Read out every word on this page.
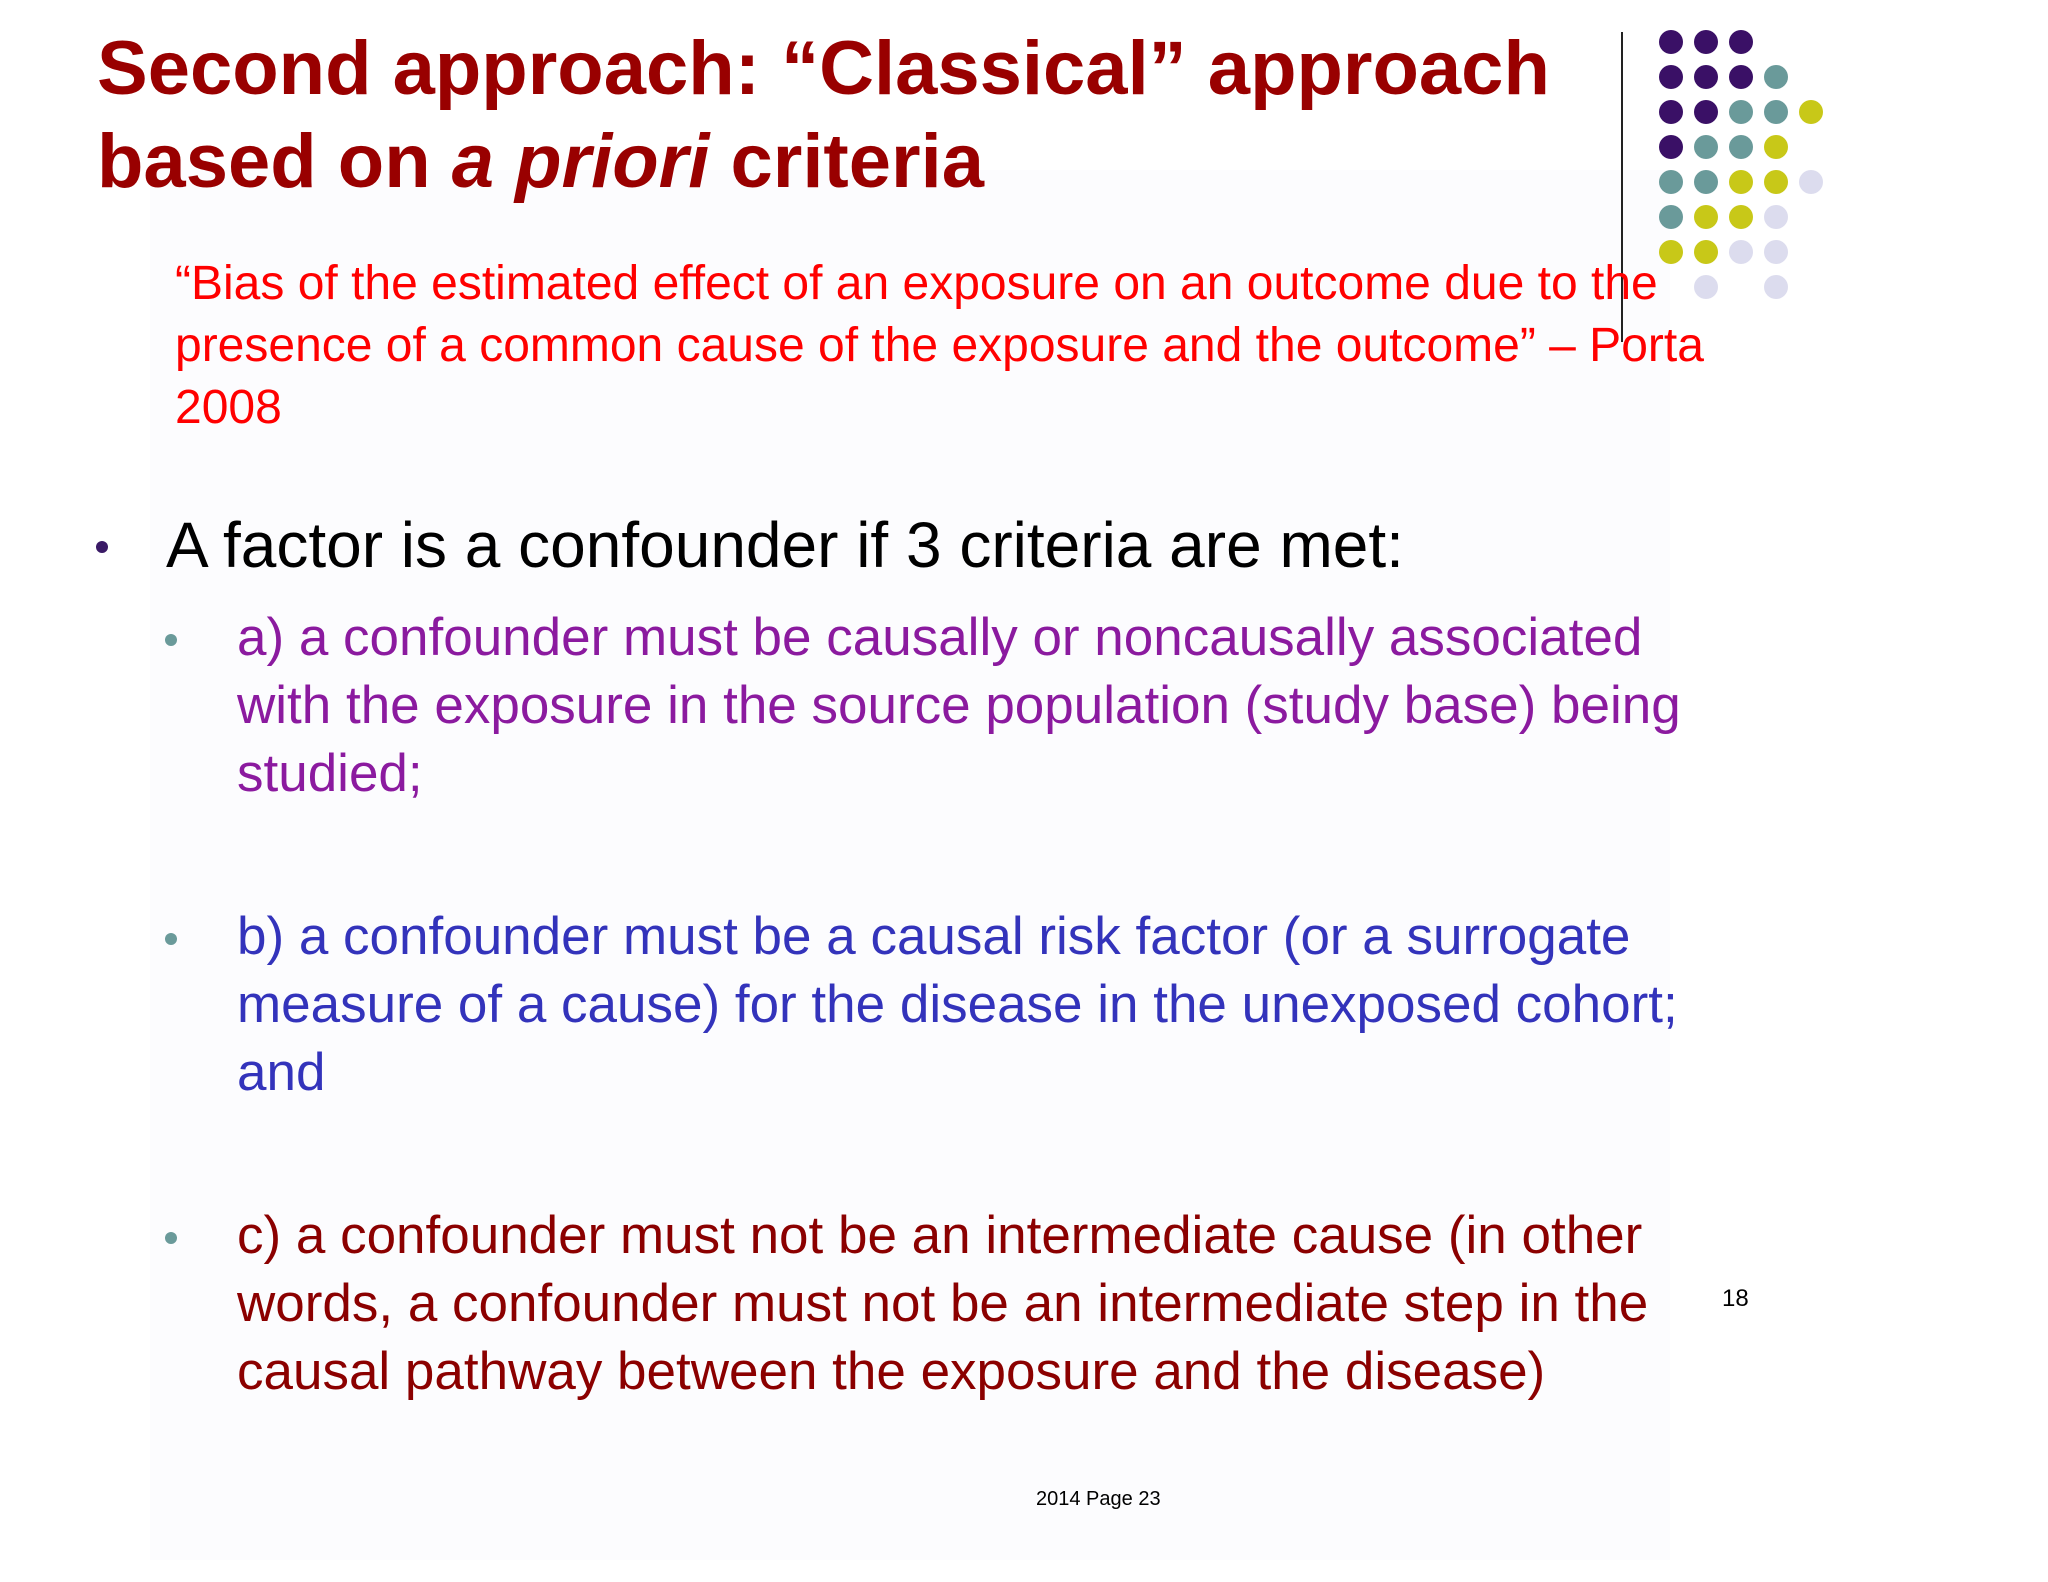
Second approach: “Classical” approach based on a priori criteria

“Bias of the estimated effect of an exposure on an outcome due to the presence of a common cause of the exposure and the outcome” – Porta 2008

A factor is a confounder if 3 criteria are met:
a) a confounder must be causally or noncausally associated with the exposure in the source population (study base) being studied;
b) a confounder must be a causal risk factor (or a surrogate measure of a cause) for the disease in the unexposed cohort; and
c) a confounder must not be an intermediate cause (in other words, a confounder must not be an intermediate step in the causal pathway between the exposure and the disease)
18
2014 Page 23
